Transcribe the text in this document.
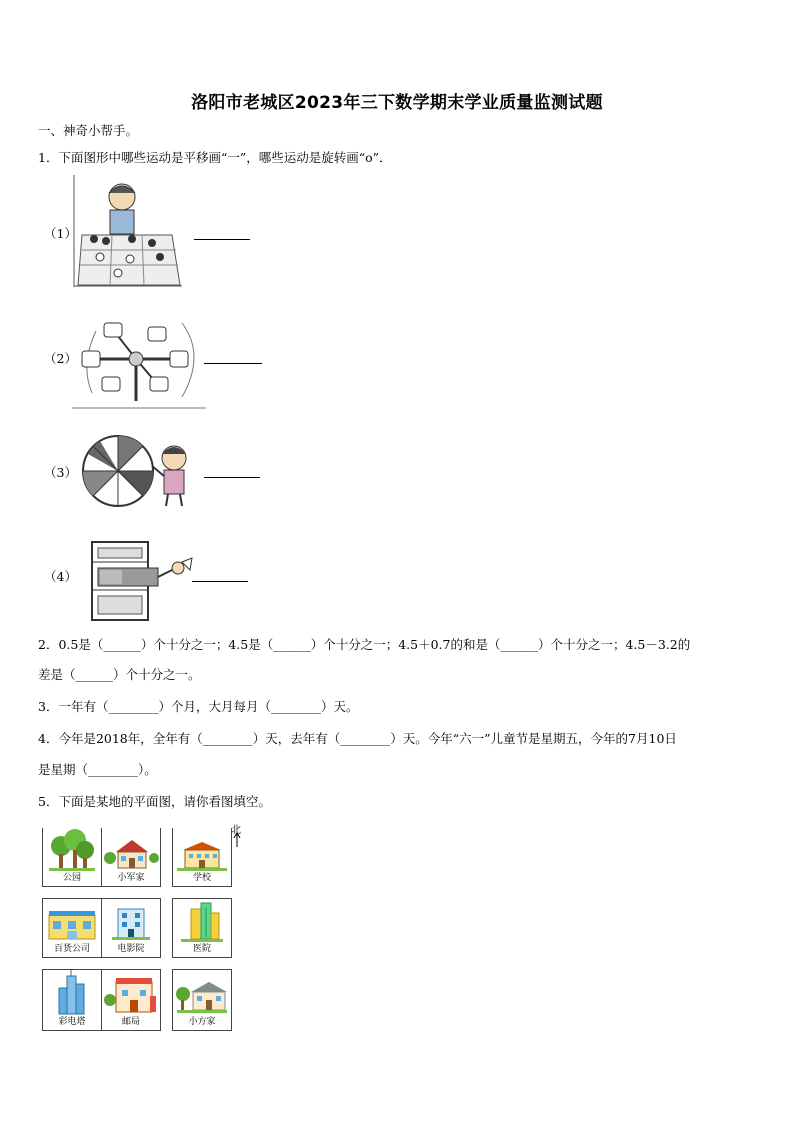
洛阳市老城区2023年三下数学期末学业质量监测试题
一、神奇小帮手。
1．下面图形中哪些运动是平移画“一”，哪些运动是旋转画“o”．
（1）
（2）
（3）
（4）
2．0.5是（______）个十分之一；4.5是（______）个十分之一；4.5＋0.7的和是（______）个十分之一；4.5－3.2的
差是（______）个十分之一。
3．一年有（________）个月，大月每月（________）天。
4．今年是2018年，全年有（________）天，去年有（________）天。今年“六一”儿童节是星期五，今年的7月10日
是星期（________）。
5．下面是某地的平面图，请你看图填空。
北
公园	小军家	学校
百货公司	电影院	医院
彩电塔	邮局	小方家
